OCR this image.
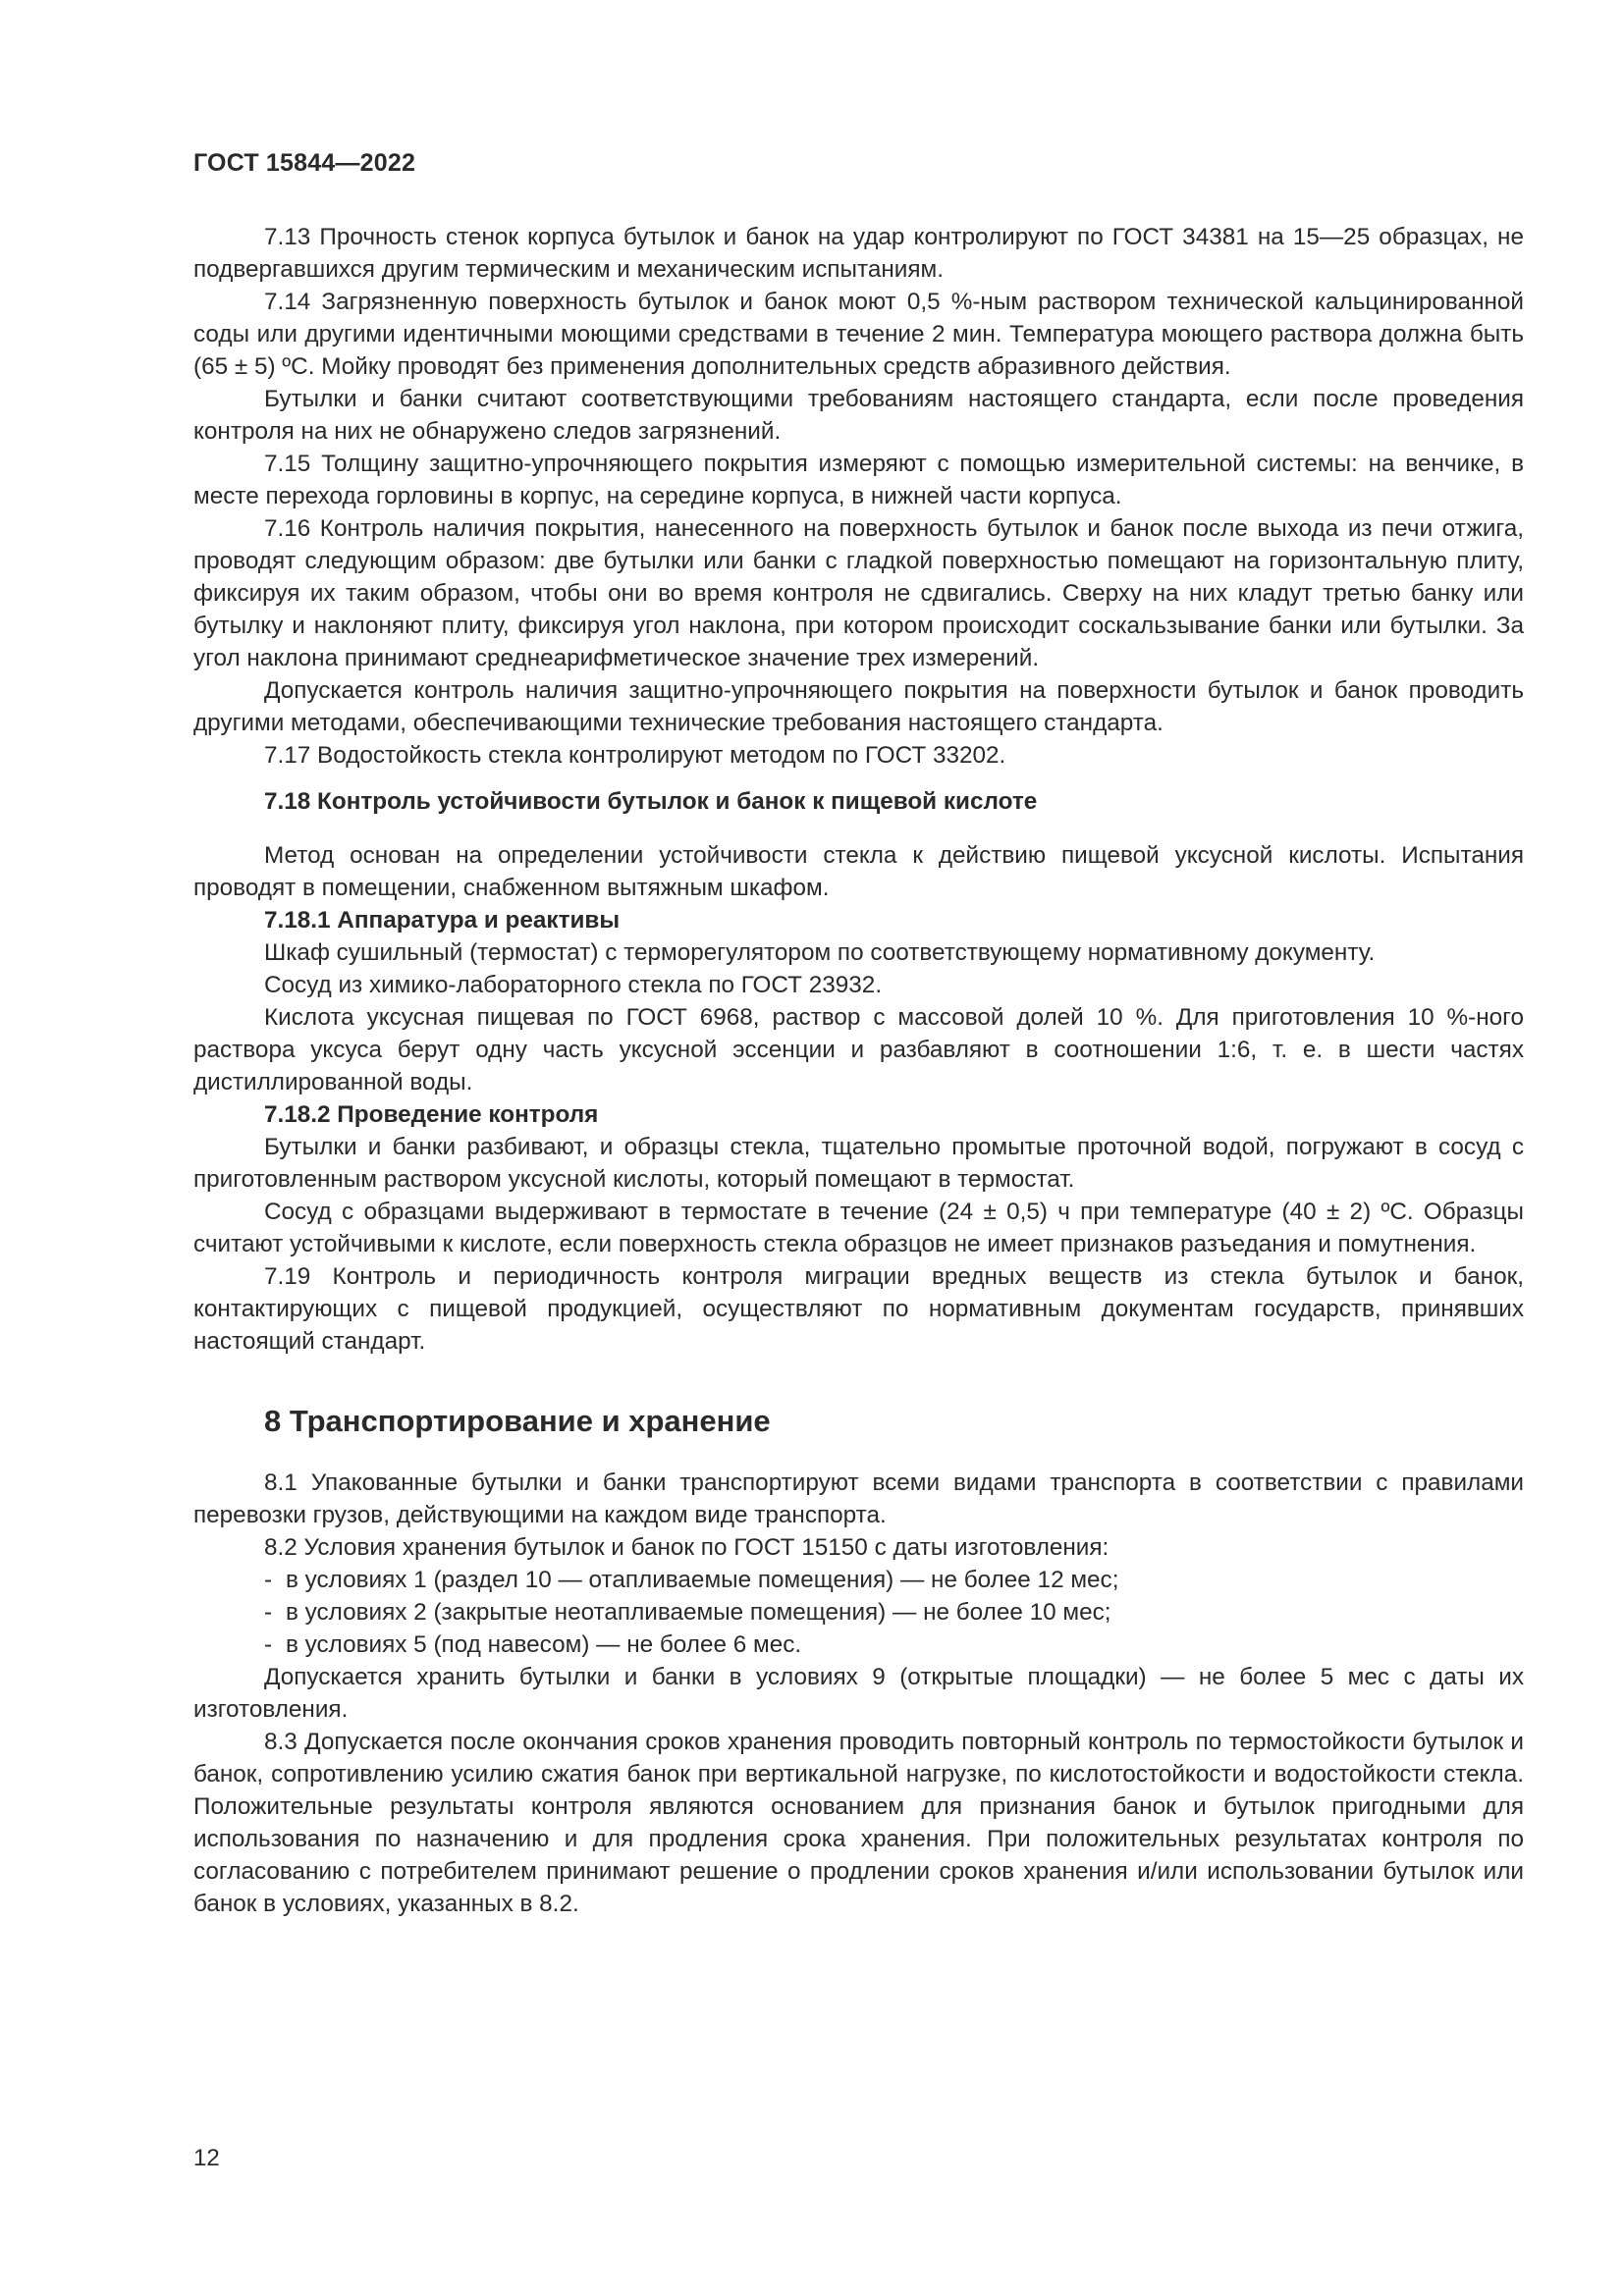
ГОСТ 15844—2022

7.13 Прочность стенок корпуса бутылок и банок на удар контролируют по ГОСТ 34381 на 15—25 образцах, не подвергавшихся другим термическим и механическим испытаниям.

7.14 Загрязненную поверхность бутылок и банок моют 0,5 %-ным раствором технической кальцинированной соды или другими идентичными моющими средствами в течение 2 мин. Температура моющего раствора должна быть (65 ± 5) ºС. Мойку проводят без применения дополнительных средств абразивного действия.

Бутылки и банки считают соответствующими требованиям настоящего стандарта, если после проведения контроля на них не обнаружено следов загрязнений.

7.15 Толщину защитно-упрочняющего покрытия измеряют с помощью измерительной системы: на венчике, в месте перехода горловины в корпус, на середине корпуса, в нижней части корпуса.

7.16 Контроль наличия покрытия, нанесенного на поверхность бутылок и банок после выхода из печи отжига, проводят следующим образом: две бутылки или банки с гладкой поверхностью помещают на горизонтальную плиту, фиксируя их таким образом, чтобы они во время контроля не сдвигались. Сверху на них кладут третью банку или бутылку и наклоняют плиту, фиксируя угол наклона, при котором происходит соскальзывание банки или бутылки. За угол наклона принимают среднеарифметическое значение трех измерений.

Допускается контроль наличия защитно-упрочняющего покрытия на поверхности бутылок и банок проводить другими методами, обеспечивающими технические требования настоящего стандарта.

7.17 Водостойкость стекла контролируют методом по ГОСТ 33202.

7.18 Контроль устойчивости бутылок и банок к пищевой кислоте

Метод основан на определении устойчивости стекла к действию пищевой уксусной кислоты. Испытания проводят в помещении, снабженном вытяжным шкафом.

7.18.1 Аппаратура и реактивы

Шкаф сушильный (термостат) с терморегулятором по соответствующему нормативному документу.

Сосуд из химико-лабораторного стекла по ГОСТ 23932.

Кислота уксусная пищевая по ГОСТ 6968, раствор с массовой долей 10 %. Для приготовления 10 %-ного раствора уксуса берут одну часть уксусной эссенции и разбавляют в соотношении 1:6, т. е. в шести частях дистиллированной воды.

7.18.2 Проведение контроля

Бутылки и банки разбивают, и образцы стекла, тщательно промытые проточной водой, погружают в сосуд с приготовленным раствором уксусной кислоты, который помещают в термостат.

Сосуд с образцами выдерживают в термостате в течение (24 ± 0,5) ч при температуре (40 ± 2) ºС. Образцы считают устойчивыми к кислоте, если поверхность стекла образцов не имеет признаков разъедания и помутнения.

7.19 Контроль и периодичность контроля миграции вредных веществ из стекла бутылок и банок, контактирующих с пищевой продукцией, осуществляют по нормативным документам государств, принявших настоящий стандарт.

8 Транспортирование и хранение

8.1 Упакованные бутылки и банки транспортируют всеми видами транспорта в соответствии с правилами перевозки грузов, действующими на каждом виде транспорта.

8.2 Условия хранения бутылок и банок по ГОСТ 15150 с даты изготовления:

- в условиях 1 (раздел 10 — отапливаемые помещения) — не более 12 мес;

- в условиях 2 (закрытые неотапливаемые помещения) — не более 10 мес;

- в условиях 5 (под навесом) — не более 6 мес.

Допускается хранить бутылки и банки в условиях 9 (открытые площадки) — не более 5 мес с даты их изготовления.

8.3 Допускается после окончания сроков хранения проводить повторный контроль по термостойкости бутылок и банок, сопротивлению усилию сжатия банок при вертикальной нагрузке, по кислотостойкости и водостойкости стекла. Положительные результаты контроля являются основанием для признания банок и бутылок пригодными для использования по назначению и для продления срока хранения. При положительных результатах контроля по согласованию с потребителем принимают решение о продлении сроков хранения и/или использовании бутылок или банок в условиях, указанных в 8.2.

12
